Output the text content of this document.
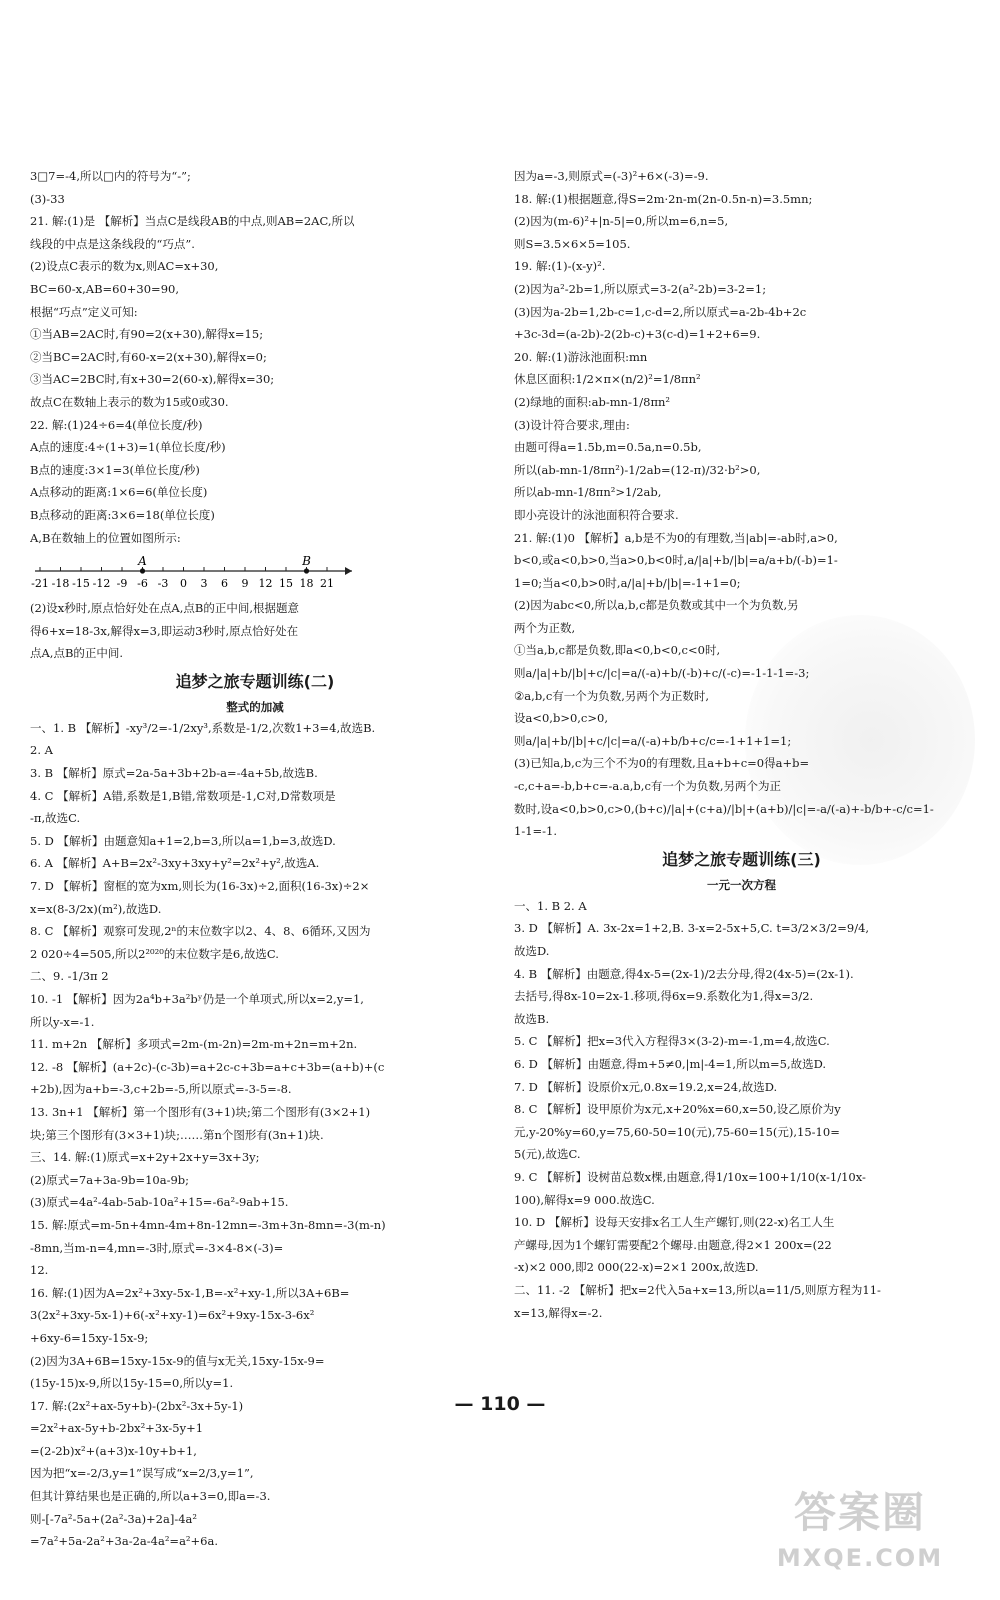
3□7=-4,所以□内的符号为“-”;
(3)-33
21. 解:(1)是 【解析】当点C是线段AB的中点,则AB=2AC,所以
线段的中点是这条线段的“巧点”.
(2)设点C表示的数为x,则AC=x+30,
BC=60-x,AB=60+30=90,
根据“巧点”定义可知:
①当AB=2AC时,有90=2(x+30),解得x=15;
②当BC=2AC时,有60-x=2(x+30),解得x=0;
③当AC=2BC时,有x+30=2(60-x),解得x=30;
故点C在数轴上表示的数为15或0或30.
22. 解:(1)24÷6=4(单位长度/秒)
A点的速度:4÷(1+3)=1(单位长度/秒)
B点的速度:3×1=3(单位长度/秒)
A点移动的距离:1×6=6(单位长度)
B点移动的距离:3×6=18(单位长度)
A,B在数轴上的位置如图所示:
-21 -18 -15 -12 -9 -6 -3 0 3 6 9 12 15 18 21
A	B
(2)设x秒时,原点恰好处在点A,点B的正中间,根据题意
得6+x=18-3x,解得x=3,即运动3秒时,原点恰好处在
点A,点B的正中间.
追梦之旅专题训练(二)
整式的加减
一、1. B 【解析】-xy³/2=-1/2xy³,系数是-1/2,次数1+3=4,故选B.
2. A
3. B 【解析】原式=2a-5a+3b+2b-a=-4a+5b,故选B.
4. C 【解析】A错,系数是1,B错,常数项是-1,C对,D常数项是
-π,故选C.
5. D 【解析】由题意知a+1=2,b=3,所以a=1,b=3,故选D.
6. A 【解析】A+B=2x²-3xy+3xy+y²=2x²+y²,故选A.
7. D 【解析】窗框的宽为xm,则长为(16-3x)÷2,面积(16-3x)÷2×
x=x(8-3/2x)(m²),故选D.
8. C 【解析】观察可发现,2ⁿ的末位数字以2、4、8、6循环,又因为
2 020÷4=505,所以2²⁰²⁰的末位数字是6,故选C.
二、9. -1/3π 2
10. -1 【解析】因为2a⁴b+3a²bʸ仍是一个单项式,所以x=2,y=1,
所以y-x=-1.
11. m+2n 【解析】多项式=2m-(m-2n)=2m-m+2n=m+2n.
12. -8 【解析】(a+2c)-(c-3b)=a+2c-c+3b=a+c+3b=(a+b)+(c
+2b),因为a+b=-3,c+2b=-5,所以原式=-3-5=-8.
13. 3n+1 【解析】第一个图形有(3+1)块;第二个图形有(3×2+1)
块;第三个图形有(3×3+1)块;……第n个图形有(3n+1)块.
三、14. 解:(1)原式=x+2y+2x+y=3x+3y;
(2)原式=7a+3a-9b=10a-9b;
(3)原式=4a²-4ab-5ab-10a²+15=-6a²-9ab+15.
15. 解:原式=m-5n+4mn-4m+8n-12mn=-3m+3n-8mn=-3(m-n)
-8mn,当m-n=4,mn=-3时,原式=-3×4-8×(-3)=
12.
16. 解:(1)因为A=2x²+3xy-5x-1,B=-x²+xy-1,所以3A+6B=
3(2x²+3xy-5x-1)+6(-x²+xy-1)=6x²+9xy-15x-3-6x²
+6xy-6=15xy-15x-9;
(2)因为3A+6B=15xy-15x-9的值与x无关,15xy-15x-9=
(15y-15)x-9,所以15y-15=0,所以y=1.
17. 解:(2x²+ax-5y+b)-(2bx²-3x+5y-1)
=2x²+ax-5y+b-2bx²+3x-5y+1
=(2-2b)x²+(a+3)x-10y+b+1,
因为把“x=-2/3,y=1”误写成“x=2/3,y=1”,
但其计算结果也是正确的,所以a+3=0,即a=-3.
则-[-7a²-5a+(2a²-3a)+2a]-4a²
=7a²+5a-2a²+3a-2a-4a²=a²+6a.
因为a=-3,则原式=(-3)²+6×(-3)=-9.
18. 解:(1)根据题意,得S=2m·2n-m(2n-0.5n-n)=3.5mn;
(2)因为(m-6)²+|n-5|=0,所以m=6,n=5,
则S=3.5×6×5=105.
19. 解:(1)-(x-y)².
(2)因为a²-2b=1,所以原式=3-2(a²-2b)=3-2=1;
(3)因为a-2b=1,2b-c=1,c-d=2,所以原式=a-2b-4b+2c
+3c-3d=(a-2b)-2(2b-c)+3(c-d)=1+2+6=9.
20. 解:(1)游泳池面积:mn
休息区面积:1/2×π×(n/2)²=1/8πn²
(2)绿地的面积:ab-mn-1/8πn²
(3)设计符合要求,理由:
由题可得a=1.5b,m=0.5a,n=0.5b,
所以(ab-mn-1/8πn²)-1/2ab=(12-π)/32·b²>0,
所以ab-mn-1/8πn²>1/2ab,
即小亮设计的泳池面积符合要求.
21. 解:(1)0 【解析】a,b是不为0的有理数,当|ab|=-ab时,a>0,
b<0,或a<0,b>0,当a>0,b<0时,a/|a|+b/|b|=a/a+b/(-b)=1-
1=0;当a<0,b>0时,a/|a|+b/|b|=-1+1=0;
(2)因为abc<0,所以a,b,c都是负数或其中一个为负数,另
两个为正数,
①当a,b,c都是负数,即a<0,b<0,c<0时,
则a/|a|+b/|b|+c/|c|=a/(-a)+b/(-b)+c/(-c)=-1-1-1=-3;
②a,b,c有一个为负数,另两个为正数时,
设a<0,b>0,c>0,
则a/|a|+b/|b|+c/|c|=a/(-a)+b/b+c/c=-1+1+1=1;
(3)已知a,b,c为三个不为0的有理数,且a+b+c=0得a+b=
-c,c+a=-b,b+c=-a.a,b,c有一个为负数,另两个为正
数时,设a<0,b>0,c>0,(b+c)/|a|+(c+a)/|b|+(a+b)/|c|=-a/(-a)+-b/b+-c/c=1-
1-1=-1.
追梦之旅专题训练(三)
一元一次方程
一、1. B 2. A
3. D 【解析】A. 3x-2x=1+2,B. 3-x=2-5x+5,C. t=3/2×3/2=9/4,
故选D.
4. B 【解析】由题意,得4x-5=(2x-1)/2去分母,得2(4x-5)=(2x-1).
去括号,得8x-10=2x-1.移项,得6x=9.系数化为1,得x=3/2.
故选B.
5. C 【解析】把x=3代入方程得3×(3-2)-m=-1,m=4,故选C.
6. D 【解析】由题意,得m+5≠0,|m|-4=1,所以m=5,故选D.
7. D 【解析】设原价x元,0.8x=19.2,x=24,故选D.
8. C 【解析】设甲原价为x元,x+20%x=60,x=50,设乙原价为y
元,y-20%y=60,y=75,60-50=10(元),75-60=15(元),15-10=
5(元),故选C.
9. C 【解析】设树苗总数x棵,由题意,得1/10x=100+1/10(x-1/10x-
100),解得x=9 000.故选C.
10. D 【解析】设每天安排x名工人生产螺钉,则(22-x)名工人生
产螺母,因为1个螺钉需要配2个螺母.由题意,得2×1 200x=(22
-x)×2 000,即2 000(22-x)=2×1 200x,故选D.
二、11. -2 【解析】把x=2代入5a+x=13,所以a=11/5,则原方程为11-
x=13,解得x=-2.
— 110 —
答案圈
MXQE.COM
